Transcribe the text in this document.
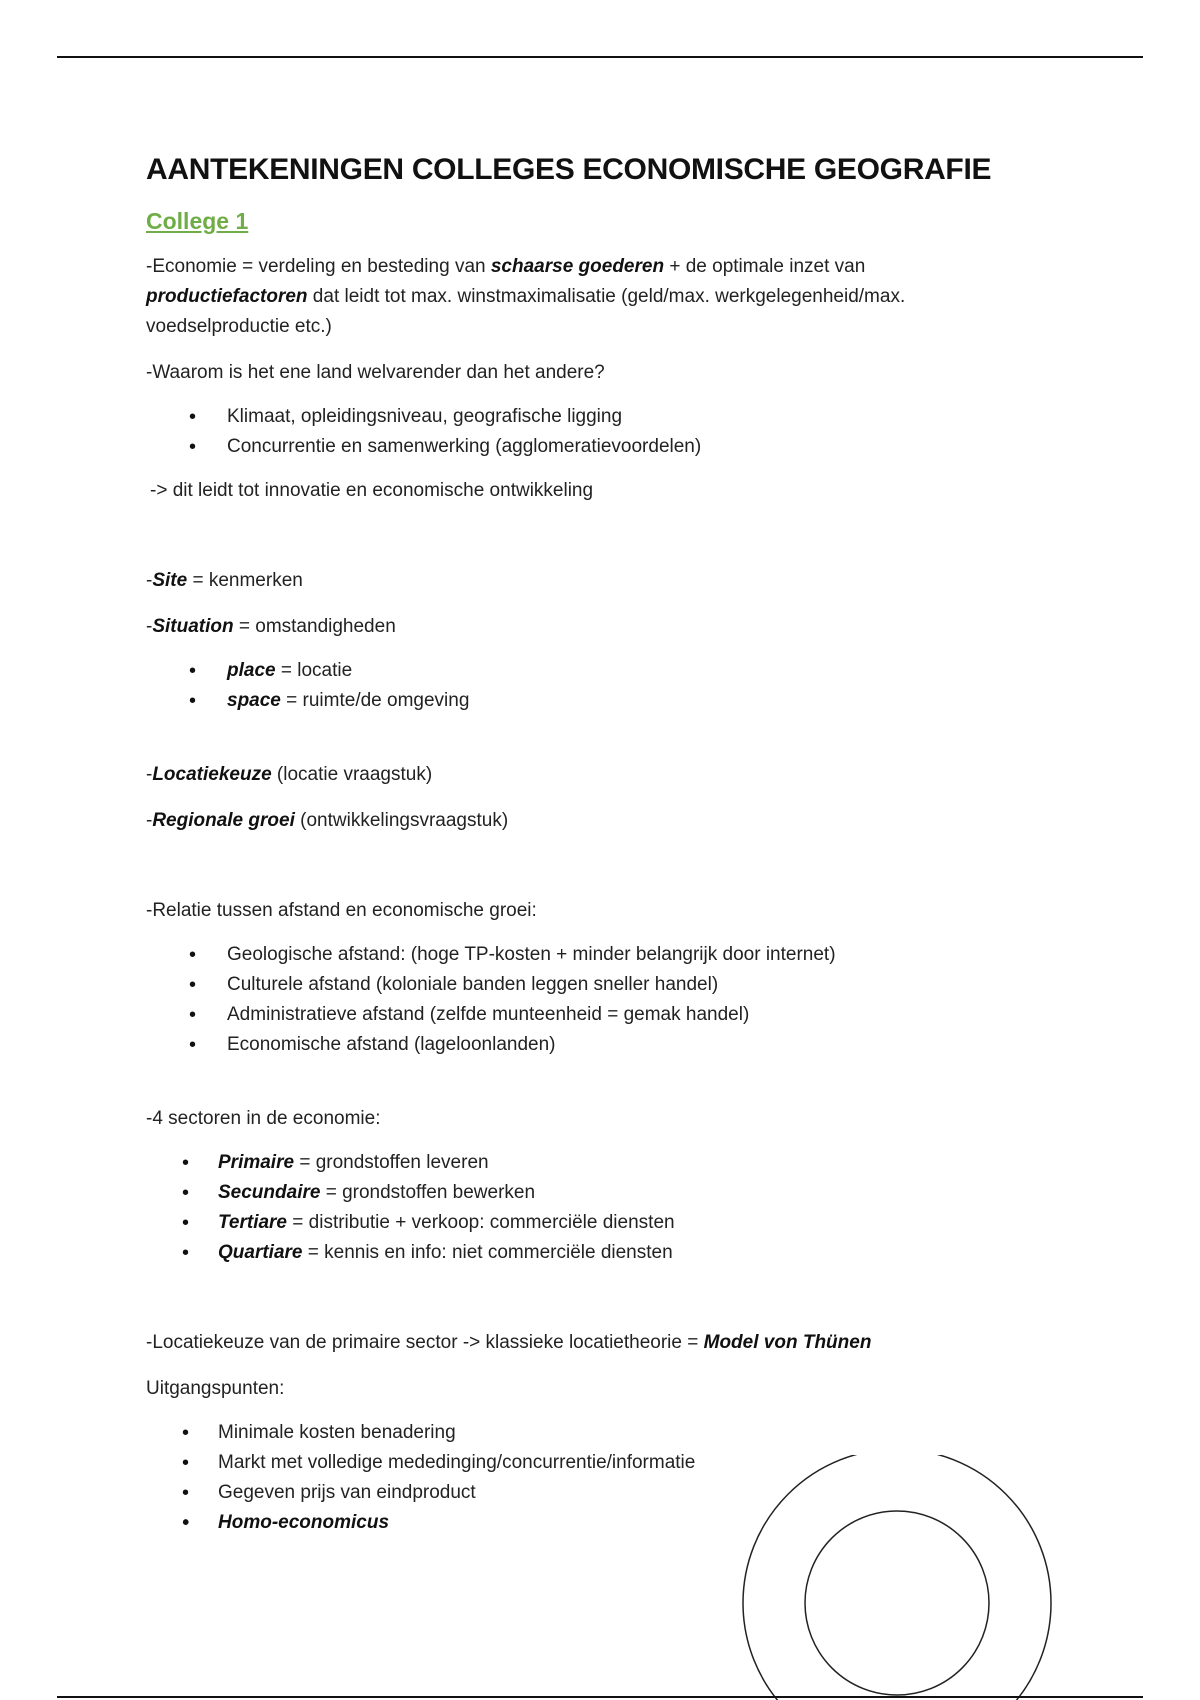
AANTEKENINGEN COLLEGES ECONOMISCHE GEOGRAFIE
College 1

-Economie = verdeling en besteding van schaarse goederen + de optimale inzet van
productiefactoren dat leidt tot max. winstmaximalisatie (geld/max. werkgelegenheid/max.
voedselproductie etc.)

-Waarom is het ene land welvarender dan het andere?

• Klimaat, opleidingsniveau, geografische ligging
• Concurrentie en samenwerking (agglomeratievoordelen)

-> dit leidt tot innovatie en economische ontwikkeling

-Site = kenmerken

-Situation = omstandigheden

• place = locatie
• space = ruimte/de omgeving

-Locatiekeuze (locatie vraagstuk)

-Regionale groei (ontwikkelingsvraagstuk)

-Relatie tussen afstand en economische groei:

• Geologische afstand: (hoge TP-kosten + minder belangrijk door internet)
• Culturele afstand (koloniale banden leggen sneller handel)
• Administratieve afstand (zelfde munteenheid = gemak handel)
• Economische afstand (lageloonlanden)

-4 sectoren in de economie:

• Primaire = grondstoffen leveren
• Secundaire = grondstoffen bewerken
• Tertiare = distributie + verkoop: commerciële diensten
• Quartiare = kennis en info: niet commerciële diensten

-Locatiekeuze van de primaire sector -> klassieke locatietheorie = Model von Thünen

Uitgangspunten:

• Minimale kosten benadering
• Markt met volledige mededinging/concurrentie/informatie
• Gegeven prijs van eindproduct
• Homo-economicus
